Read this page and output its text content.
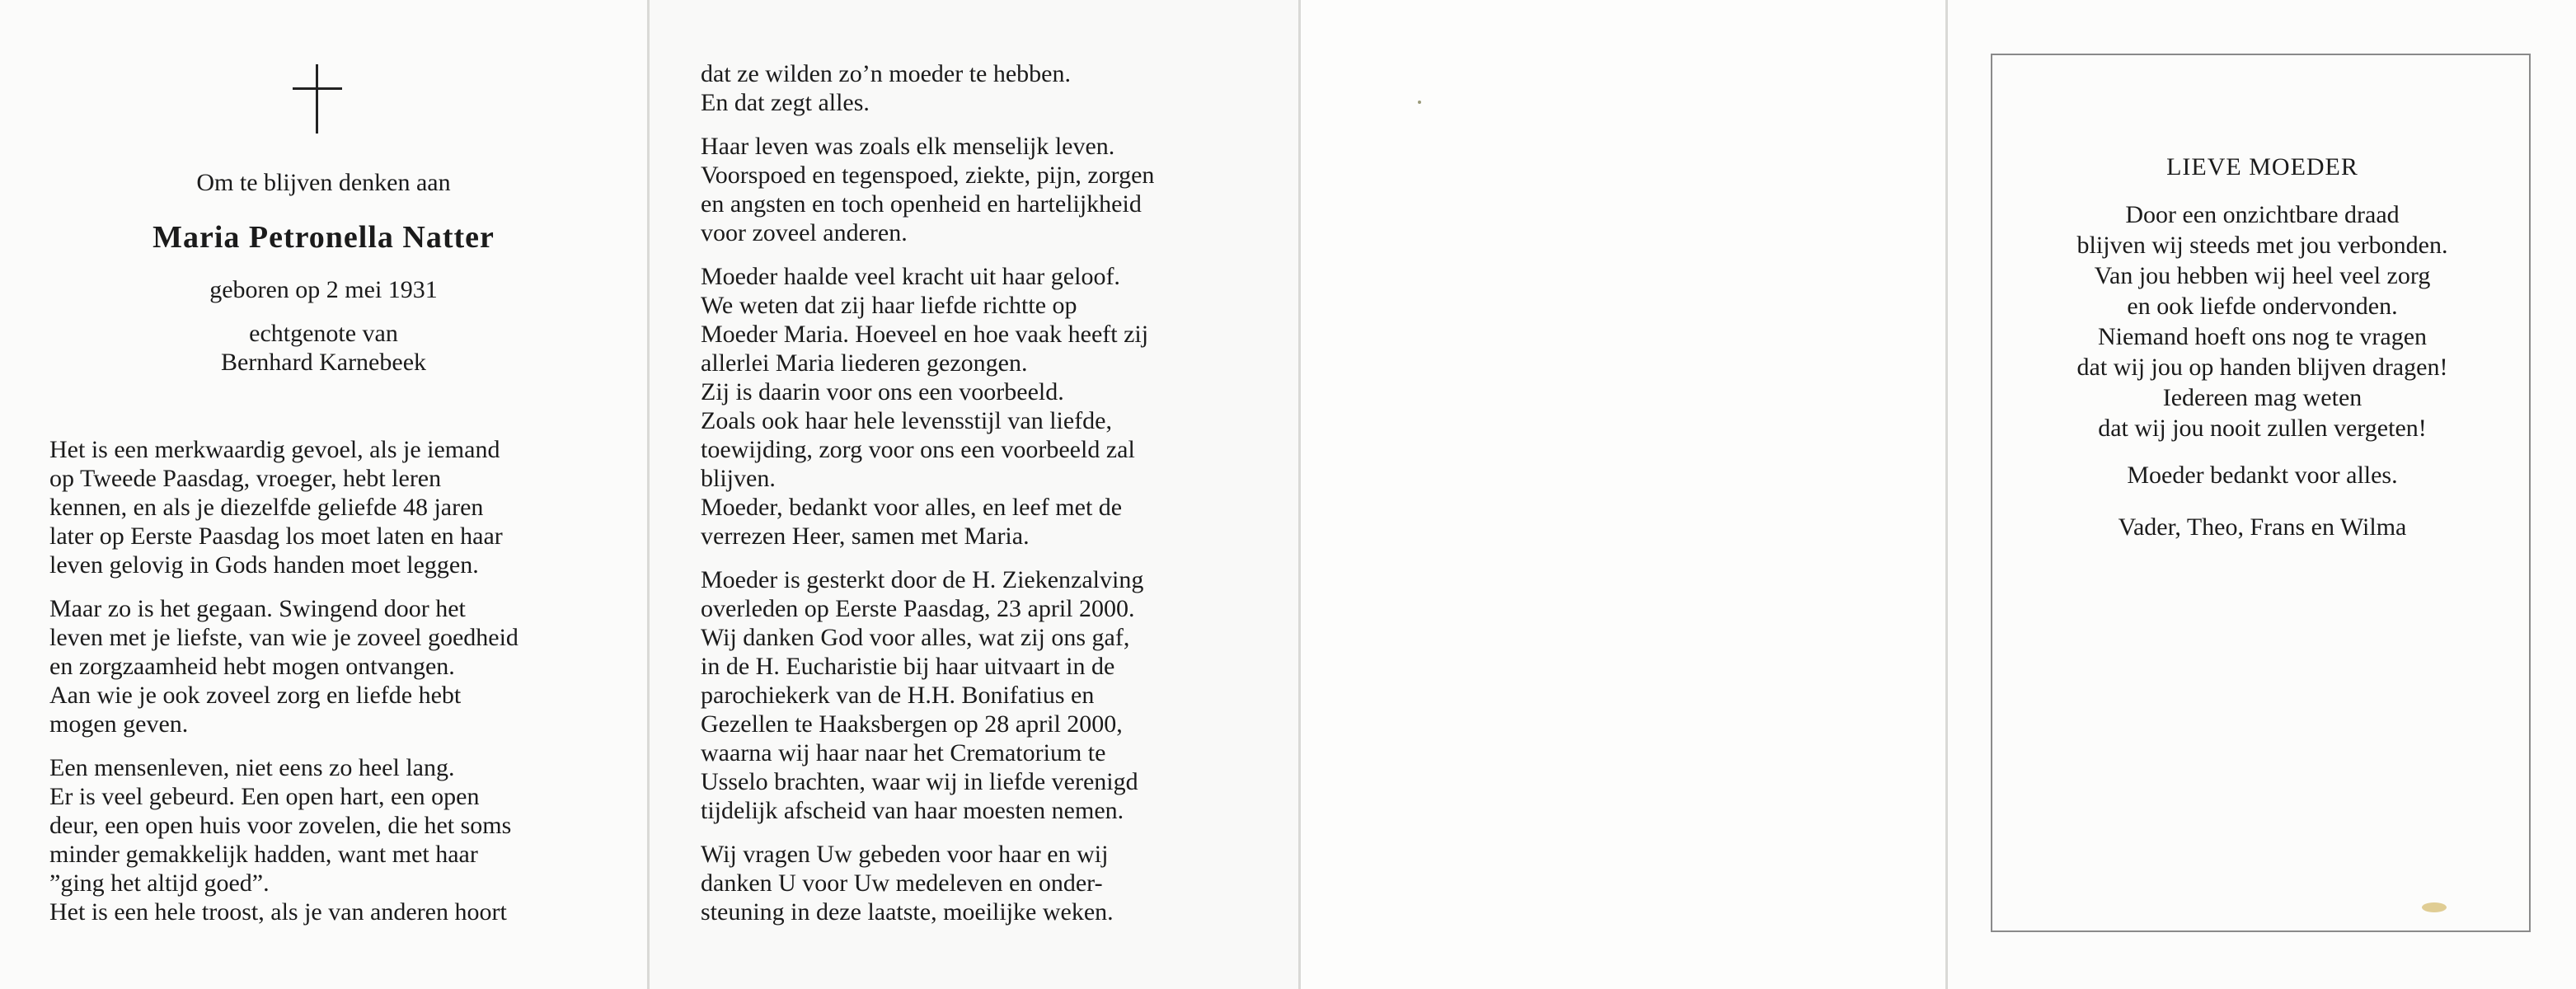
Om te blijven denken aan

Maria Petronella Natter

geboren op 2 mei 1931

echtgenote van

Bernhard Karnebeek

Het is een merkwaardig gevoel, als je iemand

op Tweede Paasdag, vroeger, hebt leren

kennen, en als je diezelfde geliefde 48 jaren

later op Eerste Paasdag los moet laten en haar

leven gelovig in Gods handen moet leggen.

Maar zo is het gegaan. Swingend door het

leven met je liefste, van wie je zoveel goedheid

en zorgzaamheid hebt mogen ontvangen.

Aan wie je ook zoveel zorg en liefde hebt

mogen geven.

Een mensenleven, niet eens zo heel lang.

Er is veel gebeurd. Een open hart, een open

deur, een open huis voor zovelen, die het soms

minder gemakkelijk hadden, want met haar

”ging het altijd goed”.

Het is een hele troost, als je van anderen hoort

dat ze wilden zo’n moeder te hebben.

En dat zegt alles.

Haar leven was zoals elk menselijk leven.

Voorspoed en tegenspoed, ziekte, pijn, zorgen

en angsten en toch openheid en hartelijkheid

voor zoveel anderen.

Moeder haalde veel kracht uit haar geloof.

We weten dat zij haar liefde richtte op

Moeder Maria. Hoeveel en hoe vaak heeft zij

allerlei Maria liederen gezongen.

Zij is daarin voor ons een voorbeeld.

Zoals ook haar hele levensstijl van liefde,

toewijding, zorg voor ons een voorbeeld zal

blijven.

Moeder, bedankt voor alles, en leef met de

verrezen Heer, samen met Maria.

Moeder is gesterkt door de H. Ziekenzalving

overleden op Eerste Paasdag, 23 april 2000.

Wij danken God voor alles, wat zij ons gaf,

in de H. Eucharistie bij haar uitvaart in de

parochiekerk van de H.H. Bonifatius en

Gezellen te Haaksbergen op 28 april 2000,

waarna wij haar naar het Crematorium te

Usselo brachten, waar wij in liefde verenigd

tijdelijk afscheid van haar moesten nemen.

Wij vragen Uw gebeden voor haar en wij

danken U voor Uw medeleven en onder-

steuning in deze laatste, moeilijke weken.

LIEVE MOEDER

Door een onzichtbare draad

blijven wij steeds met jou verbonden.

Van jou hebben wij heel veel zorg

en ook liefde ondervonden.

Niemand hoeft ons nog te vragen

dat wij jou op handen blijven dragen!

Iedereen mag weten

dat wij jou nooit zullen vergeten!

Moeder bedankt voor alles.

Vader, Theo, Frans en Wilma
